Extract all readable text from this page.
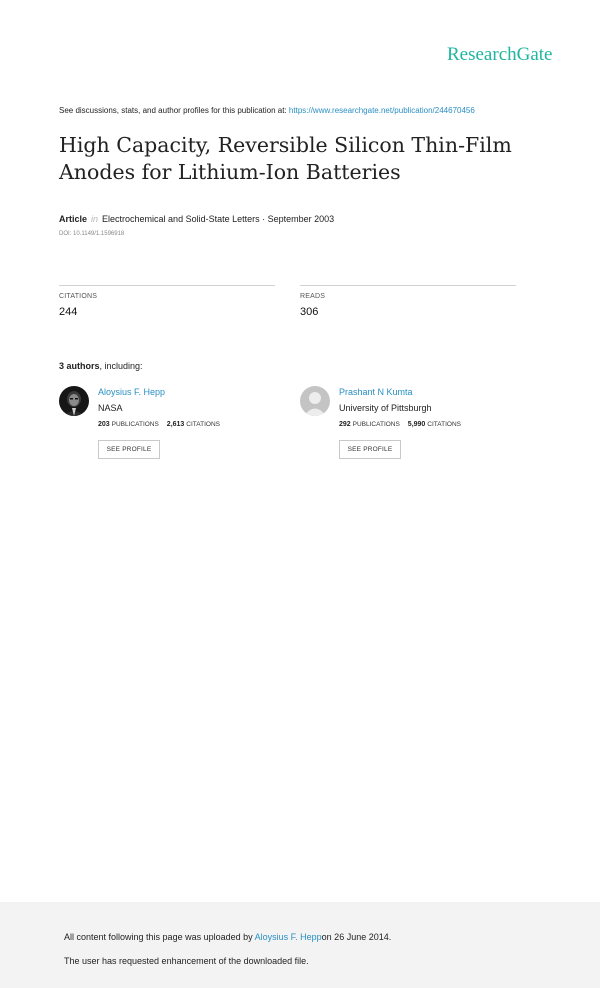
ResearchGate
See discussions, stats, and author profiles for this publication at: https://www.researchgate.net/publication/244670456
High Capacity, Reversible Silicon Thin-Film
Anodes for Lithium-Ion Batteries
Article in Electrochemical and Solid-State Letters · September 2003
DOI: 10.1149/1.1596918
CITATIONS
244
READS
306
3 authors, including:
Aloysius F. Hepp
NASA
203 PUBLICATIONS 2,613 CITATIONS
SEE PROFILE
Prashant N Kumta
University of Pittsburgh
292 PUBLICATIONS 5,990 CITATIONS
SEE PROFILE
All content following this page was uploaded by Aloysius F. Heppon 26 June 2014.
The user has requested enhancement of the downloaded file.
